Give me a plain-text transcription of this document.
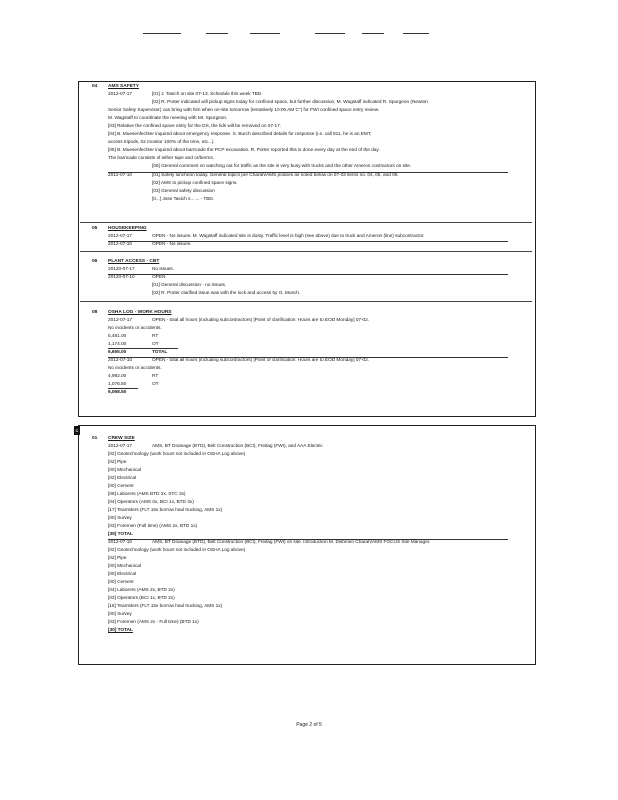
C
04 AMS SAFETY
2012-07-17	[01] J. Tasich on site 07-13. Schedule this week TBD.
[02] R. Porter indicated will pickup signs today for confined space, but further discussion, M. Wagstaff indicated R. Spurgeon (Newton
Senior Safety Supervisor) can bring with him when on-site tomorrow (tentatively 10:00 AM C") for FWI confined space entry review.
M. Wagstaff to coordinate the meeting with Mr. Spurgeon.
[03] Relative the confined space entry for the DS, the lids will be removed on 07-17.
[04] B. Muesenfechter inquired about emergency response. S. Burch described details for response (i.e. call 911, he is an EMT,
access tripods, 02 monitor 100% of the time, etc...).
[05] B. Muesenfechter inquired about barricade the PCP excavation. R. Porter reported this is done every day at the end of the day.
The barricade consists of either tape and or/berms.
[06] General comment on watching out for traffic as the site is very busy with trucks and the other Ameron contractors on site.
2012-07-10	[01] Safety luncheon today. General topics per Charah/AMS policies as noted below on 07-03 items no. 04, 05, and 06.
[02] AMS to pickup confined space signs.
[03] General safety discussion
[0...] Jose Tasich s... ... - TBD.
05 HOUSEKEEPING
2012-07-17	OPEN - No issues. M. Wagstaff indicated site is dusty. Traffic level is high (see above) due to truck and Ameron (line) subcontractor.
2012-07-10	OPEN - No issues.
06 PLANT ACCESS - CBT
20120-07-17	No issues.
20120-07-10	OPEN
[01] General discussion - no issues.
[02] R. Porter clarified issue was with the lock and access by G. Musch.
08 OSHA LOG - WORK HOURS
2012-07-17	OPEN - total all hours (including subcontractors) [Point of clarification: Hours are to EOD Monday] 07-02.
No incidents or accidents.
5,481.00	RT
1,174.00	OT
6,655.00	TOTAL
2012-07-10	OPEN - total all hours (including subcontractors) [Point of clarification: Hours are to EOD Monday] 07-02.
No incidents or accidents.
4,992.00	RT
1,076.50	OT
6,068.50
01 CREW SIZE
2012-07-17	AMS, BT Drainage (BTD), Belt Construction (BCI), Freitag (FWI), and AAA Electric
[02] Geotechnology (work hours not included in OSHA Log above)
[02] Pipe
[00] Mechanical
[02] Electrical
[00] Cement
[09] Laborers (AMS BTD 2x, STC 3x)
[04] Operators (AMS 0x, BCI 1x, BTD 3x)
[17] Teamsters (FLT 16x borrow haul trucking, AMS 1x)
[00] Survey
[03] Foremen (Full time) (AMS 2x, BTD 1x)
[39] TOTAL
2012-07-10	AMS, BT Drainage (BTD), Belt Construction (BCI), Freitag (FWI) on site. Introduction M. Dishmen Charah/AMS FOCUS Site Manager.
[02] Geotechnology (work hours not included in OSHA Log above)
[02] Pipe
[00] Mechanical
[00] Electrical
[00] Cement
[04] Laborers (AMS 2x, BTD 2x)
[03] Operators (BCI 1x, BTD 2x)
[16] Teamsters (FLT 15x borrow haul trucking, AMS 1x)
[00] Survey
[03] Foremen (AMS 2x - Full time) (BTD 1x)
[30] TOTAL
Page 2 of 5
